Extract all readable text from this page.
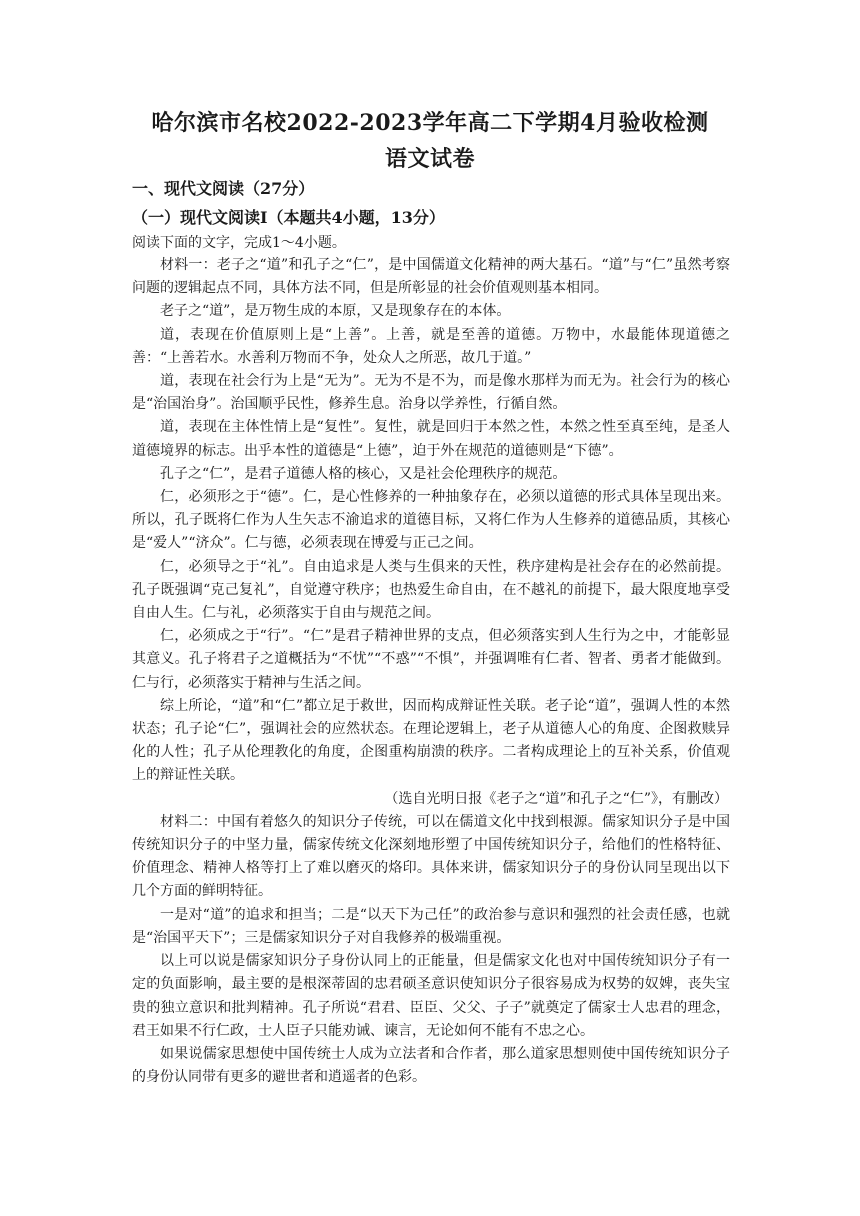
哈尔滨市名校2022-2023学年高二下学期4月验收检测
语文试卷
一、现代文阅读（27分）
（一）现代文阅读Ⅰ（本题共4小题，13分）
阅读下面的文字，完成1～4小题。

材料一：老子之“道”和孔子之“仁”，是中国儒道文化精神的两大基石。“道”与“仁”虽然考察问题的逻辑起点不同，具体方法不同，但是所彰显的社会价值观则基本相同。

老子之“道”，是万物生成的本原，又是现象存在的本体。

道，表现在价值原则上是“上善”。上善，就是至善的道德。万物中，水最能体现道德之善：“上善若水。水善利万物而不争，处众人之所恶，故几于道。”

道，表现在社会行为上是“无为”。无为不是不为，而是像水那样为而无为。社会行为的核心是“治国治身”。治国顺乎民性，修养生息。治身以学养性，行循自然。

道，表现在主体性情上是“复性”。复性，就是回归于本然之性，本然之性至真至纯，是圣人道德境界的标志。出乎本性的道德是“上德”，迫于外在规范的道德则是“下德”。

孔子之“仁”，是君子道德人格的核心，又是社会伦理秩序的规范。

仁，必须形之于“德”。仁，是心性修养的一种抽象存在，必须以道德的形式具体呈现出来。所以，孔子既将仁作为人生矢志不渝追求的道德目标，又将仁作为人生修养的道德品质，其核心是“爱人”“济众”。仁与德，必须表现在博爱与正己之间。

仁，必须导之于“礼”。自由追求是人类与生俱来的天性，秩序建构是社会存在的必然前提。孔子既强调“克己复礼”，自觉遵守秩序；也热爱生命自由，在不越礼的前提下，最大限度地享受自由人生。仁与礼，必须落实于自由与规范之间。

仁，必须成之于“行”。“仁”是君子精神世界的支点，但必须落实到人生行为之中，才能彰显其意义。孔子将君子之道概括为“不忧”“不惑”“不惧”，并强调唯有仁者、智者、勇者才能做到。仁与行，必须落实于精神与生活之间。

综上所论，“道”和“仁”都立足于救世，因而构成辩证性关联。老子论“道”，强调人性的本然状态；孔子论“仁”，强调社会的应然状态。在理论逻辑上，老子从道德人心的角度、企图救赎异化的人性；孔子从伦理教化的角度，企图重构崩溃的秩序。二者构成理论上的互补关系，价值观上的辩证性关联。

（选自光明日报《老子之“道”和孔子之“仁”》，有删改）

材料二：中国有着悠久的知识分子传统，可以在儒道文化中找到根源。儒家知识分子是中国传统知识分子的中坚力量，儒家传统文化深刻地形塑了中国传统知识分子，给他们的性格特征、价值理念、精神人格等打上了难以磨灭的烙印。具体来讲，儒家知识分子的身份认同呈现出以下几个方面的鲜明特征。

一是对“道”的追求和担当；二是“以天下为己任”的政治参与意识和强烈的社会责任感，也就是“治国平天下”；三是儒家知识分子对自我修养的极端重视。

以上可以说是儒家知识分子身份认同上的正能量，但是儒家文化也对中国传统知识分子有一定的负面影响，最主要的是根深蒂固的忠君硕圣意识使知识分子很容易成为权势的奴婢，丧失宝贵的独立意识和批判精神。孔子所说“君君、臣臣、父父、子子”就奠定了儒家士人忠君的理念，君王如果不行仁政，士人臣子只能劝诫、谏言，无论如何不能有不忠之心。

如果说儒家思想使中国传统士人成为立法者和合作者，那么道家思想则使中国传统知识分子的身份认同带有更多的避世者和逍遥者的色彩。
